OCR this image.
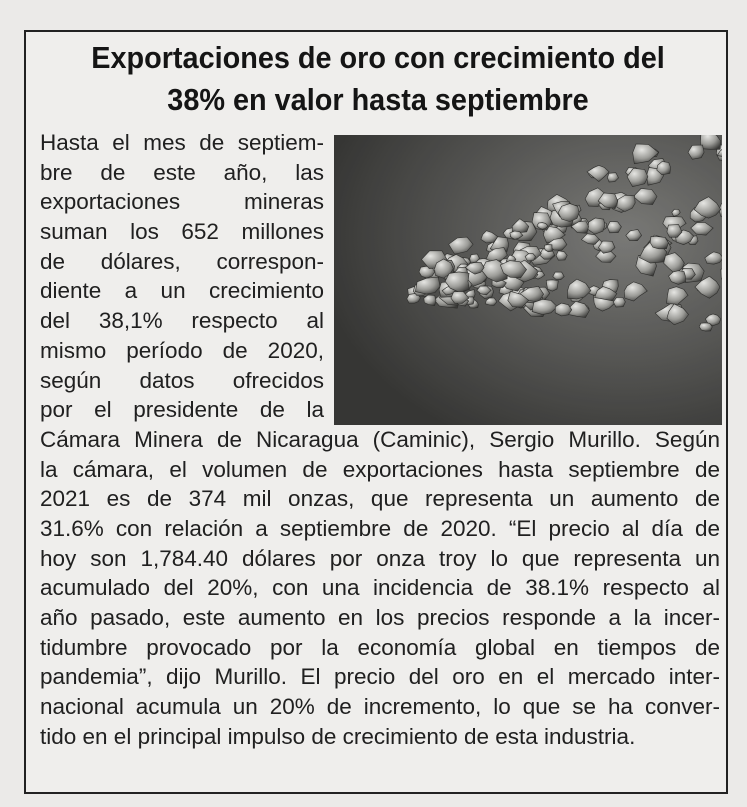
Exportaciones de oro con crecimiento del
38% en valor hasta septiembre
Hasta el mes de septiem-
bre de este año, las
exportaciones mineras
suman los 652 millones
de dólares, correspon-
diente a un crecimiento
del 38,1% respecto al
mismo período de 2020,
según datos ofrecidos
por el presidente de la
Cámara Minera de Nicaragua (Caminic), Sergio Murillo. Según
la cámara, el volumen de exportaciones hasta septiembre de
2021 es de 374 mil onzas, que representa un aumento de
31.6% con relación a septiembre de 2020. “El precio al día de
hoy son 1,784.40 dólares por onza troy lo que representa un
acumulado del 20%, con una incidencia de 38.1% respecto al
año pasado, este aumento en los precios responde a la incer-
tidumbre provocado por la economía global en tiempos de
pandemia”, dijo Murillo. El precio del oro en el mercado inter-
nacional acumula un 20% de incremento, lo que se ha conver-
tido en el principal impulso de crecimiento de esta industria.
